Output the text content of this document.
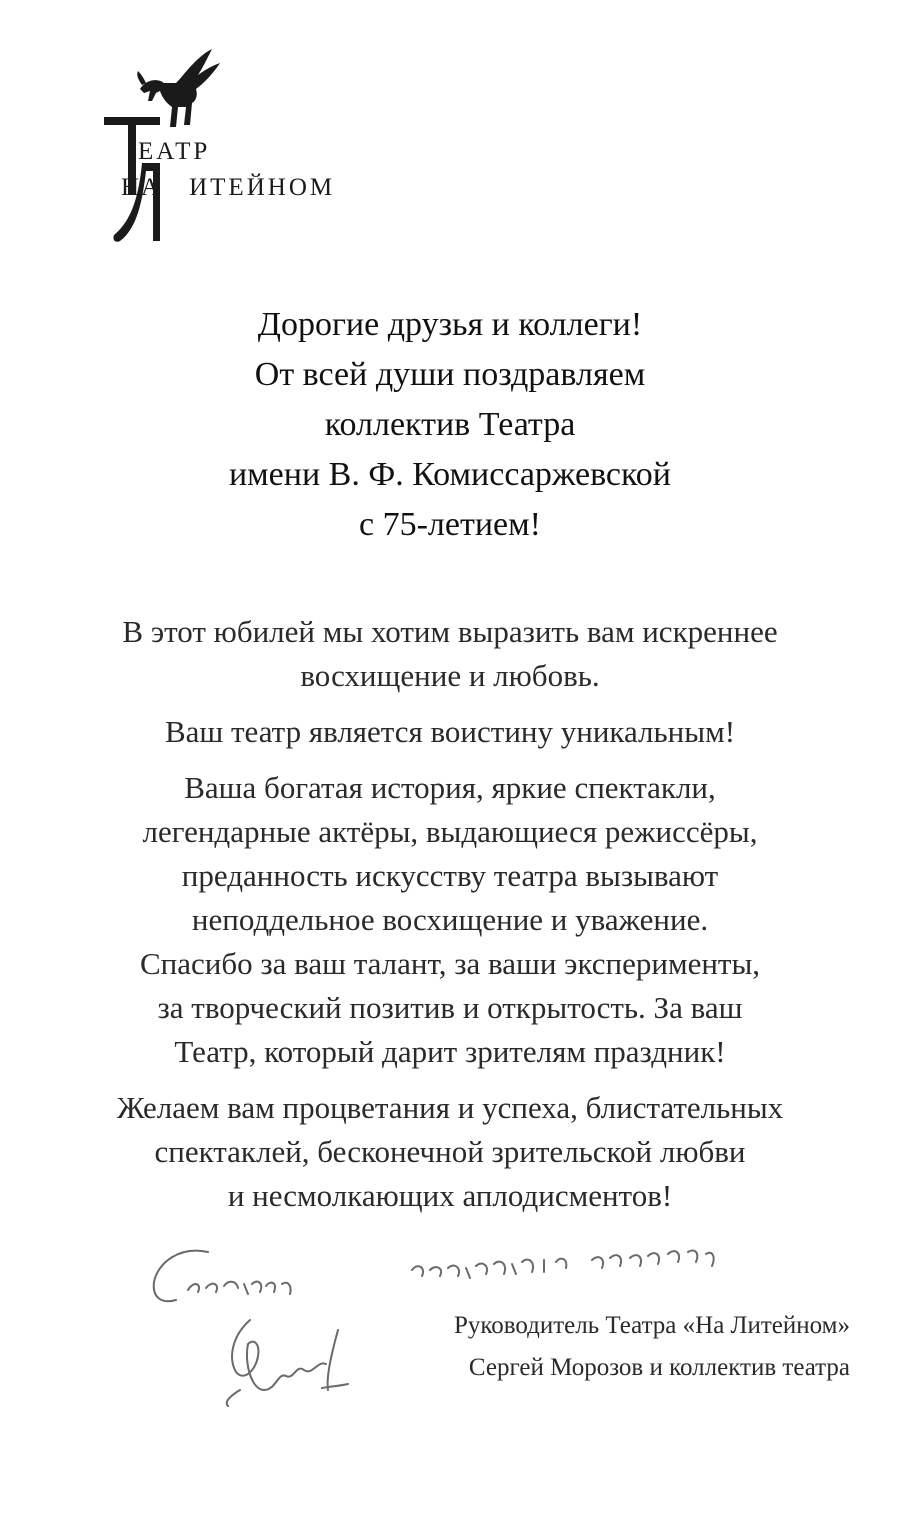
ЕАТР
НА ИТЕЙНОМ
Дорогие друзья и коллеги!
От всей души поздравляем
коллектив Театра
имени В. Ф. Комиссаржевской
с 75-летием!
В этот юбилей мы хотим выразить вам искреннее
восхищение и любовь.
Ваш театр является воистину уникальным!
Ваша богатая история, яркие спектакли,
легендарные актёры, выдающиеся режиссёры,
преданность искусству театра вызывают
неподдельное восхищение и уважение.
Спасибо за ваш талант, за ваши эксперименты,
за творческий позитив и открытость. За ваш
Театр, который дарит зрителям праздник!
Желаем вам процветания и успеха, блистательных
спектаклей, бесконечной зрительской любви
и несмолкающих аплодисментов!
Руководитель Театра «На Литейном»
Сергей Морозов и коллектив театра
